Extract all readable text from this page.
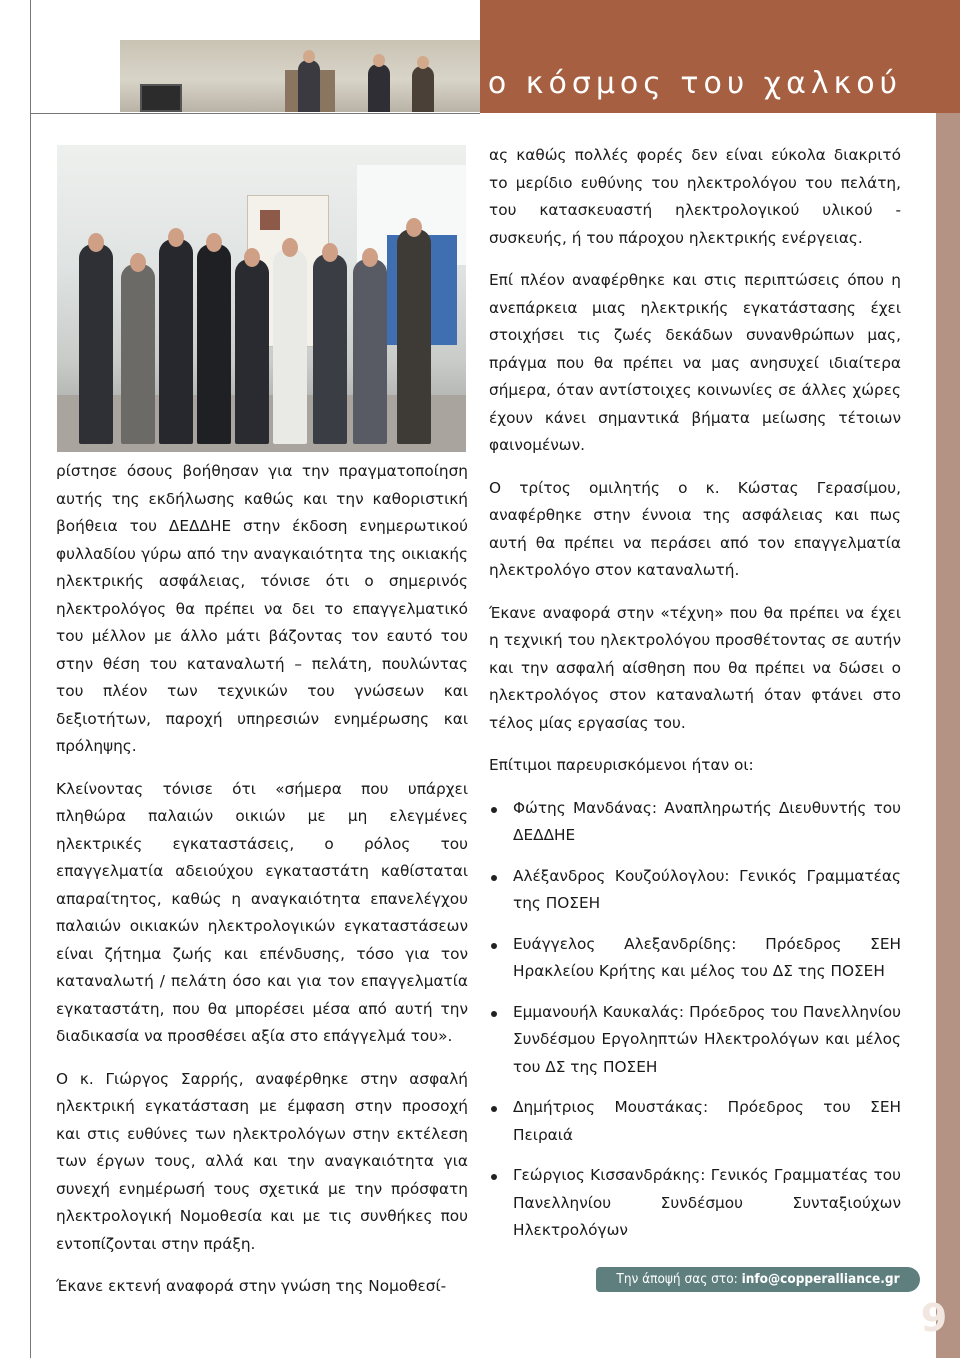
ο κόσμος του χαλκού

ρίστησε όσους βοήθησαν για την πραγματοποίηση αυτής της εκδήλωσης καθώς και την καθοριστική βοήθεια του ΔΕΔΔΗΕ στην έκδοση ενημερωτικού φυλλαδίου γύρω από την αναγκαιότητα της οικιακής ηλεκτρικής ασφάλειας, τόνισε ότι ο σημερινός ηλεκτρολόγος θα πρέπει να δει το επαγγελματικό του μέλλον με άλλο μάτι βάζοντας τον εαυτό του στην θέση του καταναλωτή – πελάτη, πουλώντας του πλέον των τεχνικών του γνώσεων και δεξιοτήτων, παροχή υπηρεσιών ενημέρωσης και πρόληψης.

Κλείνοντας τόνισε ότι «σήμερα που υπάρχει πληθώρα παλαιών οικιών με μη ελεγμένες ηλεκτρικές εγκαταστάσεις, ο ρόλος του επαγγελματία αδειούχου εγκαταστάτη καθίσταται απαραίτητος, καθώς η αναγκαιότητα επανελέγχου παλαιών οικιακών ηλεκτρολογικών εγκαταστάσεων είναι ζήτημα ζωής και επένδυσης, τόσο για τον καταναλωτή / πελάτη όσο και για τον επαγγελματία εγκαταστάτη, που θα μπορέσει μέσα από αυτή την διαδικασία να προσθέσει αξία στο επάγγελμά του».

Ο κ. Γιώργος Σαρρής, αναφέρθηκε στην ασφαλή ηλεκτρική εγκατάσταση με έμφαση στην προσοχή και στις ευθύνες των ηλεκτρολόγων στην εκτέλεση των έργων τους, αλλά και την αναγκαιότητα για συνεχή ενημέρωσή τους σχετικά με την πρόσφατη ηλεκτρολογική Νομοθεσία και με τις συνθήκες που εντοπίζονται στην πράξη.

Έκανε εκτενή αναφορά στην γνώση της Νομοθεσί-

ας καθώς πολλές φορές δεν είναι εύκολα διακριτό το μερίδιο ευθύνης του ηλεκτρολόγου του πελάτη, του κατασκευαστή ηλεκτρολογικού υλικού - συσκευής, ή του πάροχου ηλεκτρικής ενέργειας.

Επί πλέον αναφέρθηκε και στις περιπτώσεις όπου η ανεπάρκεια μιας ηλεκτρικής εγκατάστασης έχει στοιχήσει τις ζωές δεκάδων συνανθρώπων μας, πράγμα που θα πρέπει να μας ανησυχεί ιδιαίτερα σήμερα, όταν αντίστοιχες κοινωνίες σε άλλες χώρες έχουν κάνει σημαντικά βήματα μείωσης τέτοιων φαινομένων.

Ο τρίτος ομιλητής ο κ. Κώστας Γερασίμου, αναφέρθηκε στην έννοια της ασφάλειας και πως αυτή θα πρέπει να περάσει από τον επαγγελματία ηλεκτρολόγο στον καταναλωτή.

Έκανε αναφορά στην «τέχνη» που θα πρέπει να έχει η τεχνική του ηλεκτρολόγου προσθέτοντας σε αυτήν και την ασφαλή αίσθηση που θα πρέπει να δώσει ο ηλεκτρολόγος στον καταναλωτή όταν φτάνει στο τέλος μίας εργασίας του.

Επίτιμοι παρευρισκόμενοι ήταν οι:

Φώτης Μανδάνας: Αναπληρωτής Διευθυντής του ΔΕΔΔΗΕ
Αλέξανδρος Κουζούλογλου: Γενικός Γραμματέας της ΠΟΣΕΗ
Ευάγγελος Αλεξανδρίδης: Πρόεδρος ΣΕΗ Ηρακλείου Κρήτης και μέλος του ΔΣ της ΠΟΣΕΗ
Εμμανουήλ Καυκαλάς: Πρόεδρος του Πανελληνίου Συνδέσμου Εργοληπτών Ηλεκτρολόγων και μέλος του ΔΣ της ΠΟΣΕΗ
Δημήτριος Μουστάκας: Πρόεδρος του ΣΕΗ Πειραιά
Γεώργιος Κισσανδράκης: Γενικός Γραμματέας του Πανελληνίου Συνδέσμου Συνταξιούχων Ηλεκτρολόγων
Την άποψή σας στο: info@copperalliance.gr
9
